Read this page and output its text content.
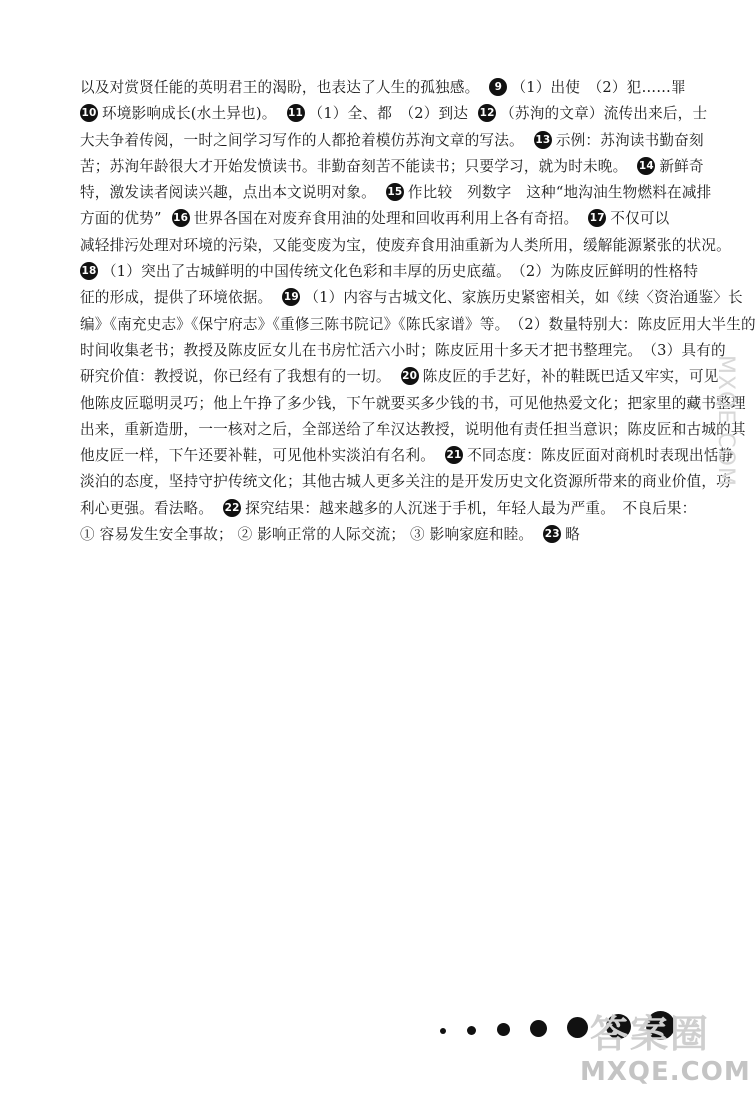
以及对赏贤任能的英明君王的渴盼，也表达了人生的孤独感。 9 （1）出使　（2）犯……罪
10 环境影响成长(水土异也)。 11 （1）全、都　（2）到达 12 （苏洵的文章）流传出来后，士
大夫争着传阅，一时之间学习写作的人都抢着模仿苏洵文章的写法。 13 示例：苏洵读书勤奋刻
苦；苏洵年龄很大才开始发愤读书。非勤奋刻苦不能读书；只要学习，就为时未晚。 14 新鲜奇
特，激发读者阅读兴趣，点出本文说明对象。 15 作比较　列数字　这种“地沟油生物燃料在减排
方面的优势” 16 世界各国在对废弃食用油的处理和回收再利用上各有奇招。 17 不仅可以
减轻排污处理对环境的污染，又能变废为宝，使废弃食用油重新为人类所用，缓解能源紧张的状况。
18 （1）突出了古城鲜明的中国传统文化色彩和丰厚的历史底蕴。　（2）为陈皮匠鲜明的性格特
征的形成，提供了环境依据。 19 （1）内容与古城文化、家族历史紧密相关，如《续〈资治通鉴〉长
编》《南充史志》《保宁府志》《重修三陈书院记》《陈氏家谱》等。　（2）数量特别大：陈皮匠用大半生的
时间收集老书；教授及陈皮匠女儿在书房忙活六小时；陈皮匠用十多天才把书整理完。　（3）具有的
研究价值：教授说，你已经有了我想有的一切。 20 陈皮匠的手艺好，补的鞋既巴适又牢实，可见
他陈皮匠聪明灵巧；他上午挣了多少钱，下午就要买多少钱的书，可见他热爱文化；把家里的藏书整理
出来，重新造册，一一核对之后，全部送给了牟汉达教授，说明他有责任担当意识；陈皮匠和古城的其
他皮匠一样，下午还要补鞋，可见他朴实淡泊有名利。 21 不同态度：陈皮匠面对商机时表现出恬静
淡泊的态度，坚持守护传统文化；其他古城人更多关注的是开发历史文化资源所带来的商业价值，功
利心更强。看法略。 22 探究结果：越来越多的人沉迷于手机，年轻人最为严重。　不良后果：
① 容易发生安全事故； ② 影响正常的人际交流； ③ 影响家庭和睦。 23 略
MXQE.COM
答案圈
MXQE.COM
